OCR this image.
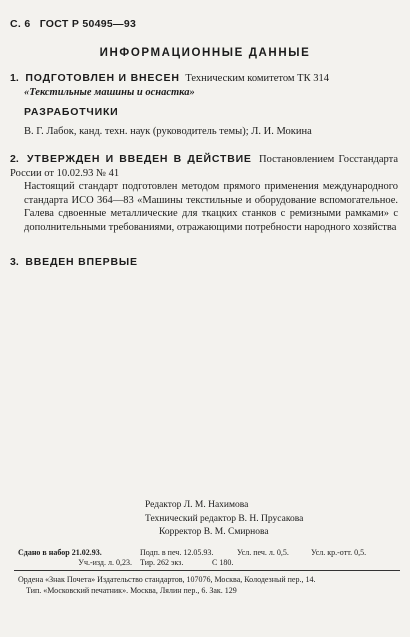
С. 6 ГОСТ Р 50495—93
ИНФОРМАЦИОННЫЕ ДАННЫЕ
1. ПОДГОТОВЛЕН И ВНЕСЕН Техническим комитетом ТК 314
«Текстильные машины и оснастка»
РАЗРАБОТЧИКИ
В. Г. Лабок, канд. техн. наук (руководитель темы); Л. И. Мокина
2. УТВЕРЖДЕН И ВВЕДЕН В ДЕЙСТВИЕ Постановлением Госстандарта России от 10.02.93 № 41
Настоящий стандарт подготовлен методом прямого применения международного стандарта ИСО 364—83 «Машины текстильные и оборудование вспомогательное. Галева сдвоенные металлические для ткацких станков с ремизными рамками» с дополнительными требованиями, отражающими потребности народного хозяйства
3. ВВЕДЕН ВПЕРВЫЕ
Редактор Л. М. Нахимова
Технический редактор В. Н. Прусакова
Корректор В. М. Смирнова
Сдано в набор 21.02.93.	Подп. в печ. 12.05.93.	Усл. печ. л. 0,5.	Усл. кр.-отт. 0,5.
Уч.-изд. л. 0,23. Тир. 262 экз.	С 180.
Ордена «Знак Почета» Издательство стандартов, 107076, Москва, Колодезный пер., 14.
Тип. «Московский печатник». Москва, Лялин пер., 6. Зак. 129
